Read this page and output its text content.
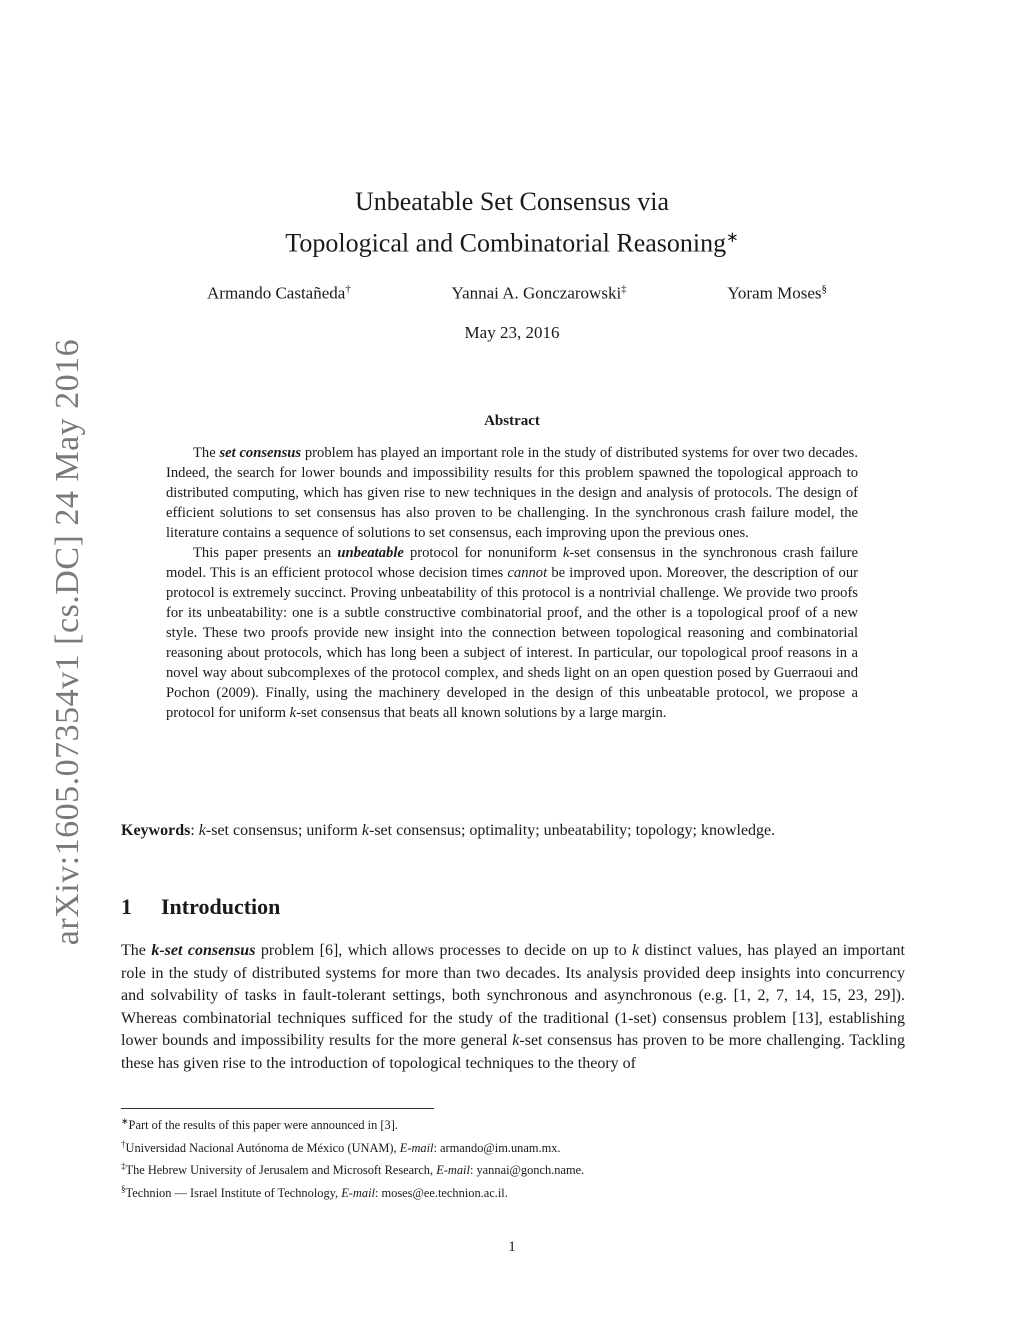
arXiv:1605.07354v1 [cs.DC] 24 May 2016
Unbeatable Set Consensus via
Topological and Combinatorial Reasoning∗
Armando Castañeda†	Yannai A. Gonczarowski‡	Yoram Moses§
May 23, 2016
Abstract

The set consensus problem has played an important role in the study of distributed systems for over two decades. Indeed, the search for lower bounds and impossibility results for this problem spawned the topological approach to distributed computing, which has given rise to new techniques in the design and analysis of protocols. The design of efficient solutions to set consensus has also proven to be challenging. In the synchronous crash failure model, the literature contains a sequence of solutions to set consensus, each improving upon the previous ones.

This paper presents an unbeatable protocol for nonuniform k-set consensus in the synchronous crash failure model. This is an efficient protocol whose decision times cannot be improved upon. Moreover, the description of our protocol is extremely succinct. Proving unbeatability of this protocol is a nontrivial challenge. We provide two proofs for its unbeatability: one is a subtle constructive combinatorial proof, and the other is a topological proof of a new style. These two proofs provide new insight into the connection between topological reasoning and combinatorial reasoning about protocols, which has long been a subject of interest. In particular, our topological proof reasons in a novel way about subcomplexes of the protocol complex, and sheds light on an open question posed by Guerraoui and Pochon (2009). Finally, using the machinery developed in the design of this unbeatable protocol, we propose a protocol for uniform k-set consensus that beats all known solutions by a large margin.

Keywords: k-set consensus; uniform k-set consensus; optimality; unbeatability; topology; knowledge.
1 Introduction

The k-set consensus problem [6], which allows processes to decide on up to k distinct values, has played an important role in the study of distributed systems for more than two decades. Its analysis provided deep insights into concurrency and solvability of tasks in fault-tolerant settings, both synchronous and asynchronous (e.g. [1, 2, 7, 14, 15, 23, 29]). Whereas combinatorial techniques sufficed for the study of the traditional (1-set) consensus problem [13], establishing lower bounds and impossibility results for the more general k-set consensus has proven to be more challenging. Tackling these has given rise to the introduction of topological techniques to the theory of

∗Part of the results of this paper were announced in [3].
†Universidad Nacional Autónoma de México (UNAM), E-mail: armando@im.unam.mx.
‡The Hebrew University of Jerusalem and Microsoft Research, E-mail: yannai@gonch.name.
§Technion — Israel Institute of Technology, E-mail: moses@ee.technion.ac.il.
1
